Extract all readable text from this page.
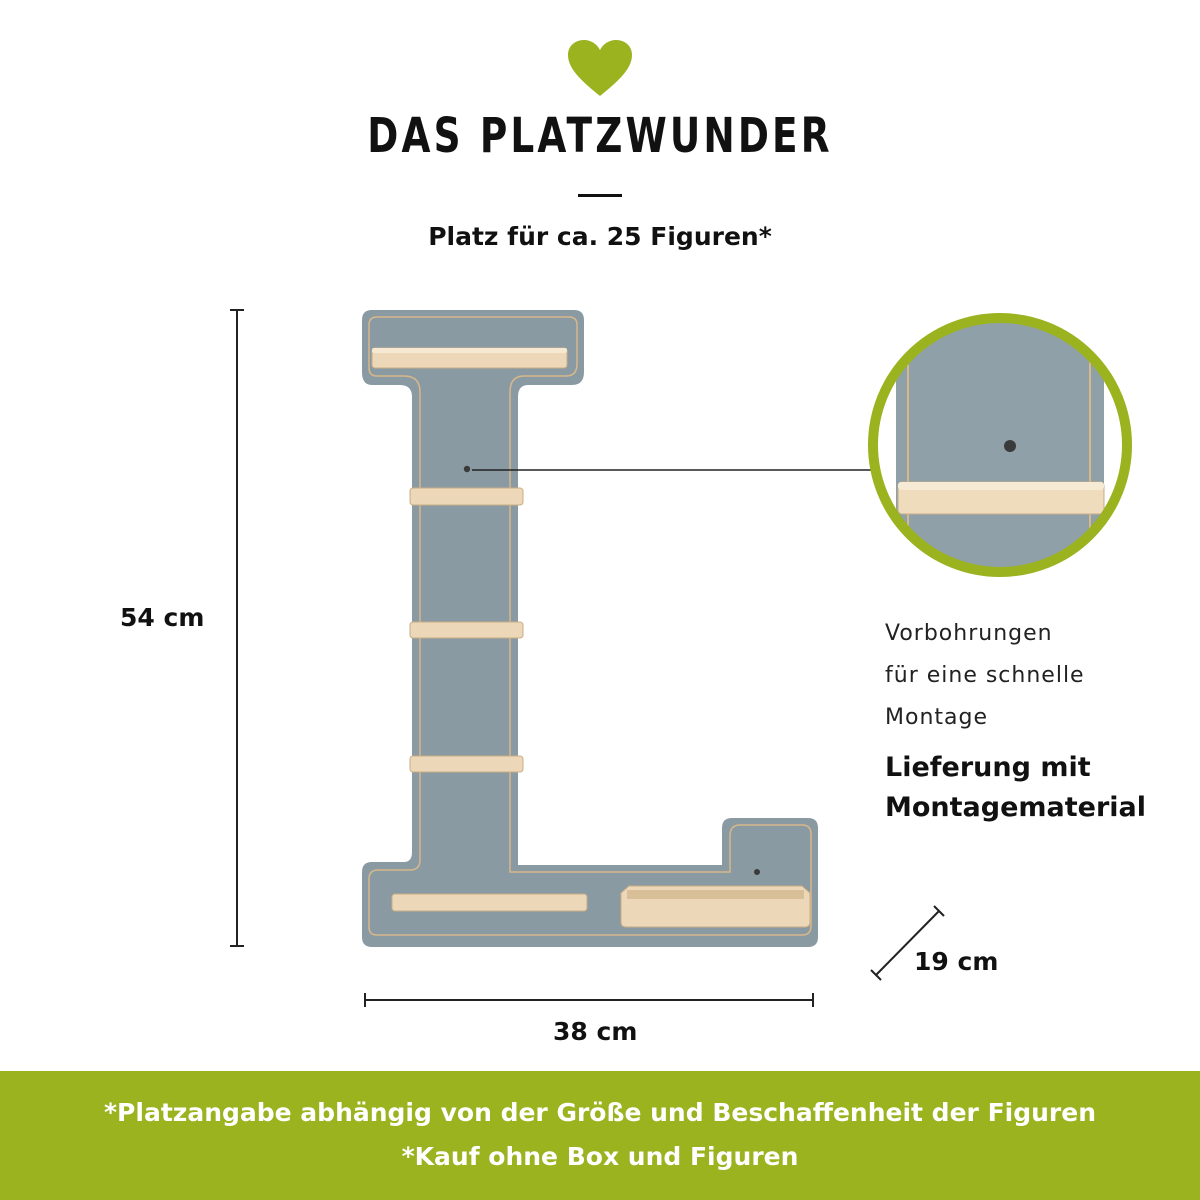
DAS PLATZWUNDER
Platz für ca. 25 Figuren*
54 cm
38 cm
19 cm
Vorbohrungen
für eine schnelle
Montage
Lieferung mit
Montagematerial
*Platzangabe abhängig von der Größe und Beschaffenheit der Figuren
*Kauf ohne Box und Figuren
